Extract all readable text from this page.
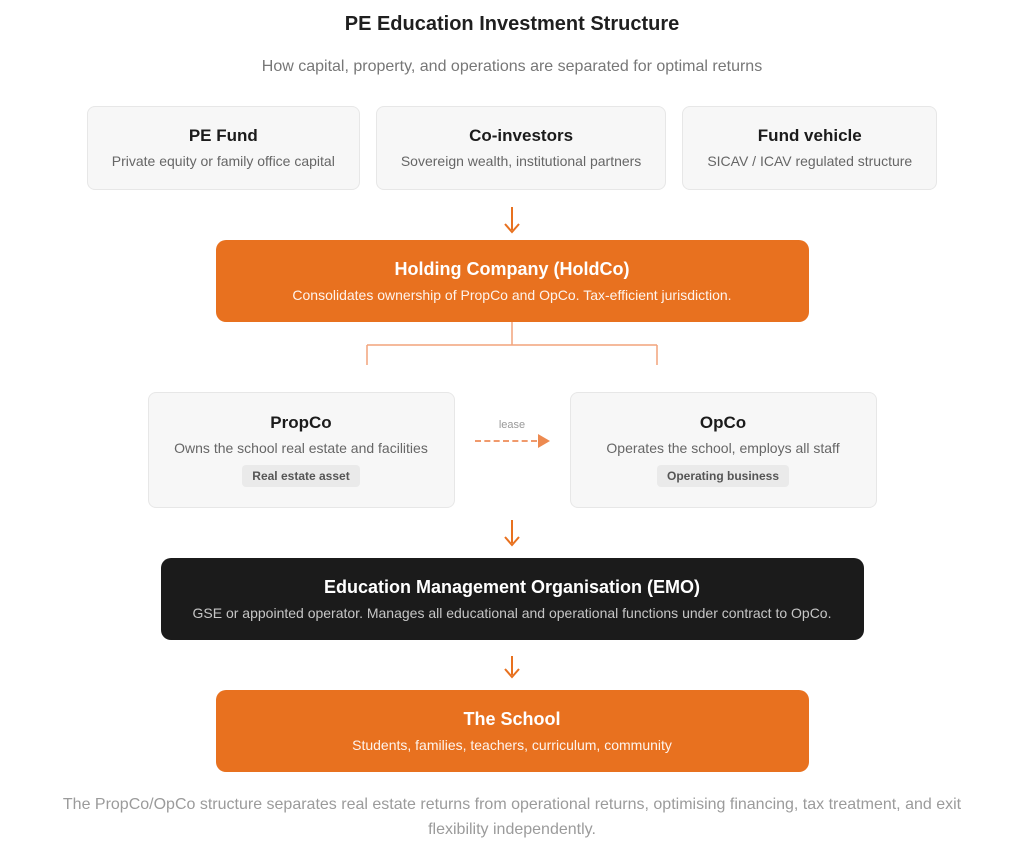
PE Education Investment Structure

How capital, property, and operations are separated for optimal returns

PE Fund

Private equity or family office capital

Co-investors

Sovereign wealth, institutional partners

Fund vehicle

SICAV / ICAV regulated structure

Holding Company (HoldCo)

Consolidates ownership of PropCo and OpCo. Tax-efficient jurisdiction.

PropCo

Owns the school real estate and facilities

Real estate asset
lease	OpCo

Operates the school, employs all staff

Operating business
Education Management Organisation (EMO)

GSE or appointed operator. Manages all educational and operational functions under contract to OpCo.

The School

Students, families, teachers, curriculum, community

The PropCo/OpCo structure separates real estate returns from operational returns, optimising financing, tax treatment, and exit flexibility independently.
